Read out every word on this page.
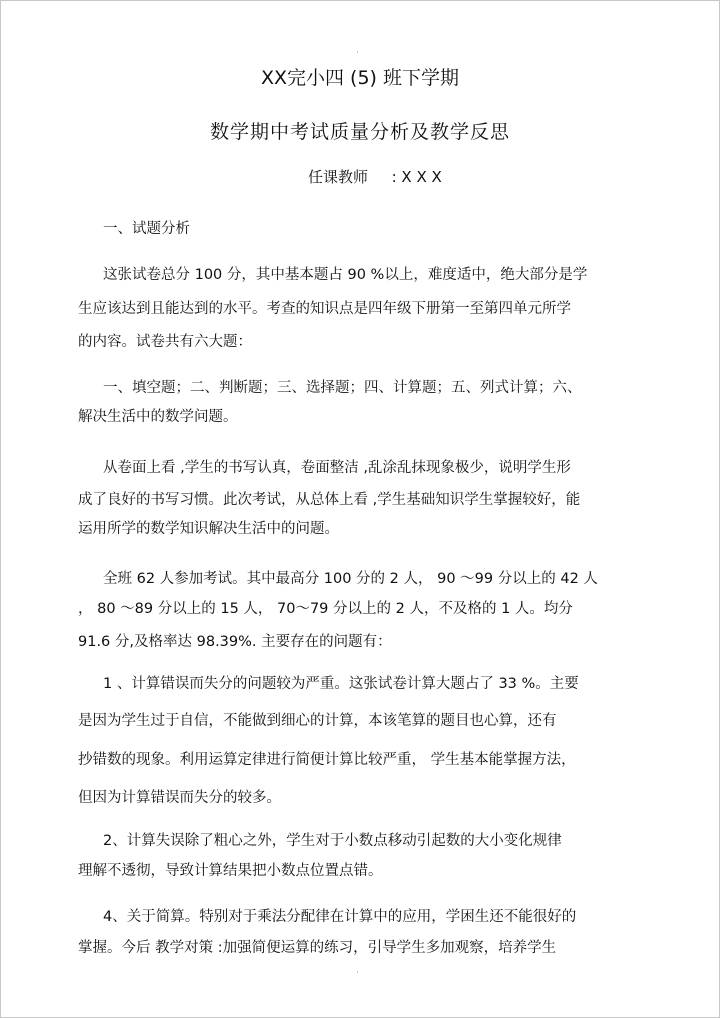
·
·
XX完小四 (5) 班下学期
数学期中考试质量分析及教学反思
任课教师 : X X X
一、试题分析
这张试卷总分 100 分，其中基本题占 90 %以上，难度适中，绝大部分是学
生应该达到且能达到的水平。考查的知识点是四年级下册第一至第四单元所学
的内容。试卷共有六大题：
一、填空题；二、判断题；三、选择题；四、计算题；五、列式计算；六、
解决生活中的数学问题。
从卷面上看 ,学生的书写认真，卷面整洁 ,乱涂乱抹现象极少，说明学生形
成了良好的书写习惯。此次考试，从总体上看 ,学生基础知识学生掌握较好，能
运用所学的数学知识解决生活中的问题。
全班 62 人参加考试。其中最高分 100 分的 2 人， 90 ～99 分以上的 42 人
， 80 ～89 分以上的 15 人， 70～79 分以上的 2 人，不及格的 1 人。均分
91.6 分,及格率达 98.39%. 主要存在的问题有：
1 、计算错误而失分的问题较为严重。这张试卷计算大题占了 33 %。主要
是因为学生过于自信，不能做到细心的计算，本该笔算的题目也心算，还有
抄错数的现象。利用运算定律进行简便计算比较严重， 学生基本能掌握方法，
但因为计算错误而失分的较多。
2、计算失误除了粗心之外，学生对于小数点移动引起数的大小变化规律
理解不透彻，导致计算结果把小数点位置点错。
4、关于简算。特别对于乘法分配律在计算中的应用，学困生还不能很好的
掌握。今后 教学对策 :加强简便运算的练习，引导学生多加观察，培养学生
